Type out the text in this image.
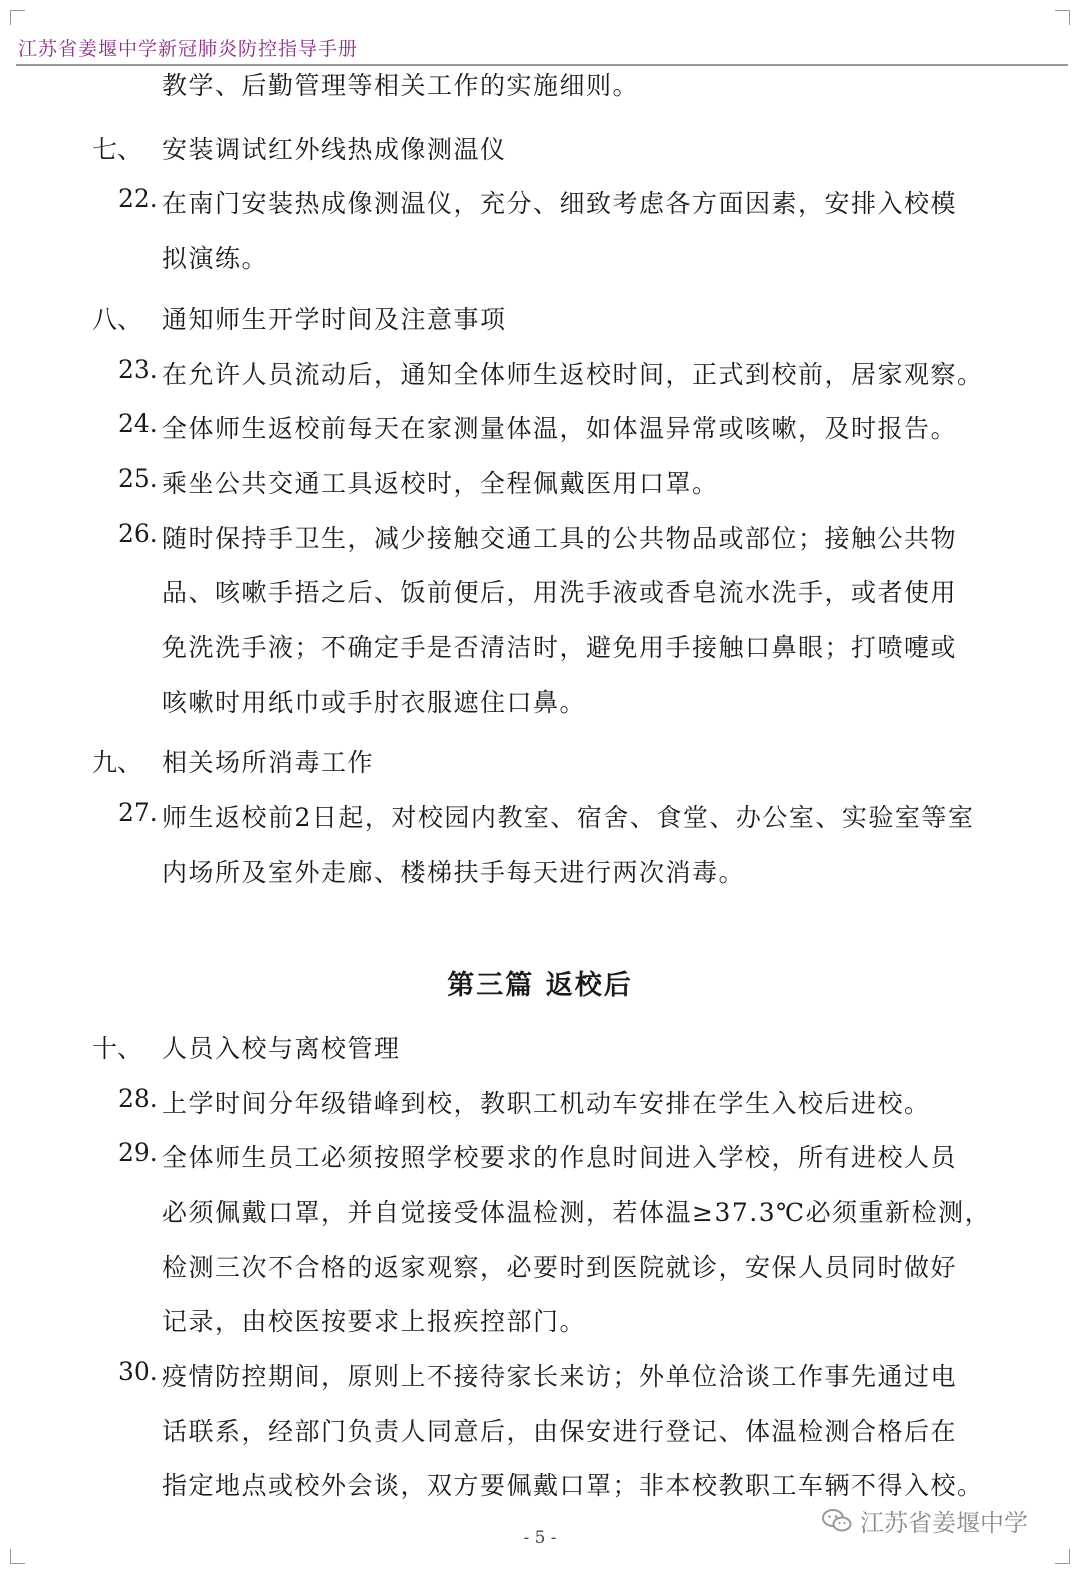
江苏省姜堰中学新冠肺炎防控指导手册
教学、后勤管理等相关工作的实施细则。
七、 安装调试红外线热成像测温仪
22. 在南门安装热成像测温仪，充分、细致考虑各方面因素，安排入校模
拟演练。
八、 通知师生开学时间及注意事项
23. 在允许人员流动后，通知全体师生返校时间，正式到校前，居家观察。
24. 全体师生返校前每天在家测量体温，如体温异常或咳嗽，及时报告。
25. 乘坐公共交通工具返校时，全程佩戴医用口罩。
26. 随时保持手卫生，减少接触交通工具的公共物品或部位；接触公共物
品、咳嗽手捂之后、饭前便后，用洗手液或香皂流水洗手，或者使用
免洗洗手液；不确定手是否清洁时，避免用手接触口鼻眼；打喷嚏或
咳嗽时用纸巾或手肘衣服遮住口鼻。
九、 相关场所消毒工作
27. 师生返校前2日起，对校园内教室、宿舍、食堂、办公室、实验室等室
内场所及室外走廊、楼梯扶手每天进行两次消毒。
第三篇 返校后
十、 人员入校与离校管理
28. 上学时间分年级错峰到校，教职工机动车安排在学生入校后进校。
29. 全体师生员工必须按照学校要求的作息时间进入学校，所有进校人员
必须佩戴口罩，并自觉接受体温检测，若体温≥37.3℃必须重新检测，
检测三次不合格的返家观察，必要时到医院就诊，安保人员同时做好
记录，由校医按要求上报疾控部门。
30. 疫情防控期间，原则上不接待家长来访；外单位洽谈工作事先通过电
话联系，经部门负责人同意后，由保安进行登记、体温检测合格后在
指定地点或校外会谈，双方要佩戴口罩；非本校教职工车辆不得入校。
- 5 -
江苏省姜堰中学
